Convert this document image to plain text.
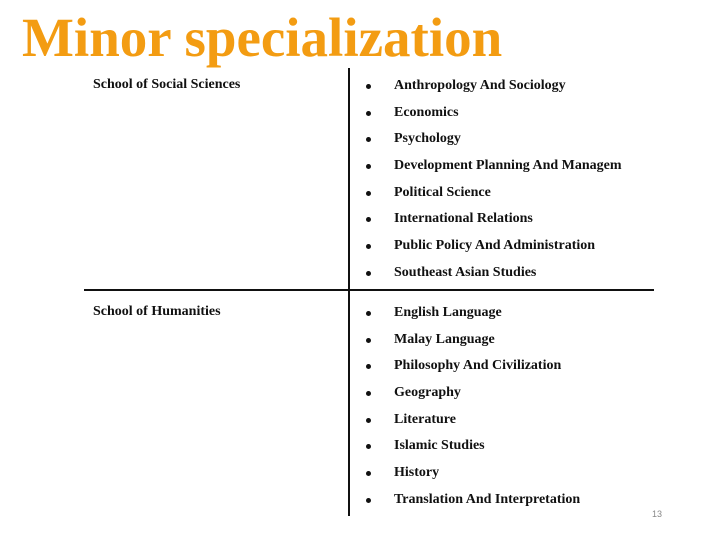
Minor specialization
School of Social Sciences	Anthropology And Sociology
Economics
Psychology
Development Planning And Managem
Political Science
International Relations
Public Policy And Administration
Southeast Asian Studies
School of Humanities	English Language
Malay Language
Philosophy And Civilization
Geography
Literature
Islamic Studies
History
Translation And Interpretation
13
